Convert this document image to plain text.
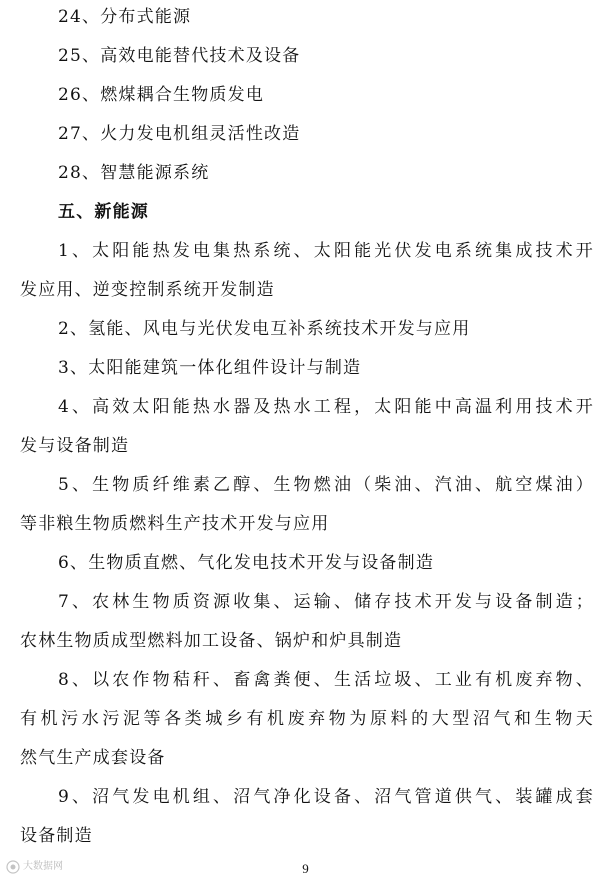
24、分布式能源
25、高效电能替代技术及设备
26、燃煤耦合生物质发电
27、火力发电机组灵活性改造
28、智慧能源系统
五、新能源
1、太阳能热发电集热系统、太阳能光伏发电系统集成技术开
发应用、逆变控制系统开发制造
2、氢能、风电与光伏发电互补系统技术开发与应用
3、太阳能建筑一体化组件设计与制造
4、高效太阳能热水器及热水工程，太阳能中高温利用技术开
发与设备制造
5、生物质纤维素乙醇、生物燃油（柴油、汽油、航空煤油）
等非粮生物质燃料生产技术开发与应用
6、生物质直燃、气化发电技术开发与设备制造
7、农林生物质资源收集、运输、储存技术开发与设备制造；
农林生物质成型燃料加工设备、锅炉和炉具制造
8、以农作物秸秆、畜禽粪便、生活垃圾、工业有机废弃物、
有机污水污泥等各类城乡有机废弃物为原料的大型沼气和生物天
然气生产成套设备
9、沼气发电机组、沼气净化设备、沼气管道供气、装罐成套
设备制造
大数据网	9
